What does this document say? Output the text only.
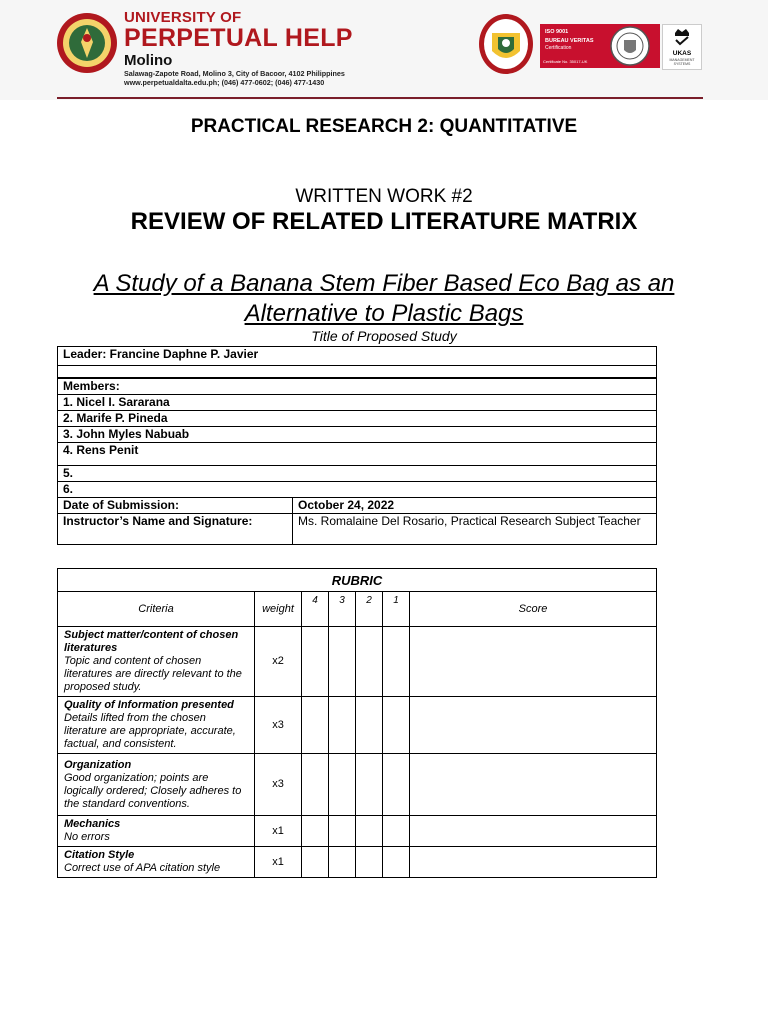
UNIVERSITY OF
PERPETUAL HELP
Molino
Salawag-Zapote Road, Molino 3, City of Bacoor, 4102 Philippines
www.perpetualdalta.edu.ph; (046) 477-0602; (046) 477-1430
ISO 9001
BUREAU VERITAS
Certification
Certificate No. 35017-UK
UKAS
MANAGEMENT SYSTEMS
PRACTICAL RESEARCH 2: QUANTITATIVE
WRITTEN WORK #2
REVIEW OF RELATED LITERATURE MATRIX
A Study of a Banana Stem Fiber Based Eco Bag as an Alternative to Plastic Bags
Title of Proposed Study
Leader: Francine Daphne P. Javier	

Members:	
1. Nicel I. Sararana	
2. Marife P. Pineda	
3. John Myles Nabuab	
4. Rens Penit	
5.	
6.	
Date of Submission:	October 24, 2022
Instructor’s Name and Signature:	Ms. Romalaine Del Rosario, Practical Research Subject Teacher
RUBRIC						
Criteria	weight	4	3	2	1	Score
Subject matter/content of chosen literatures
Topic and content of chosen literatures are directly relevant to the proposed study.	x2					
Quality of Information presented
Details lifted from the chosen literature are appropriate, accurate, factual, and consistent.	x3					
Organization
Good organization; points are logically ordered; Closely adheres to the standard conventions.	x3					
Mechanics
No errors	x1					
Citation Style
Correct use of APA citation style	x1					
